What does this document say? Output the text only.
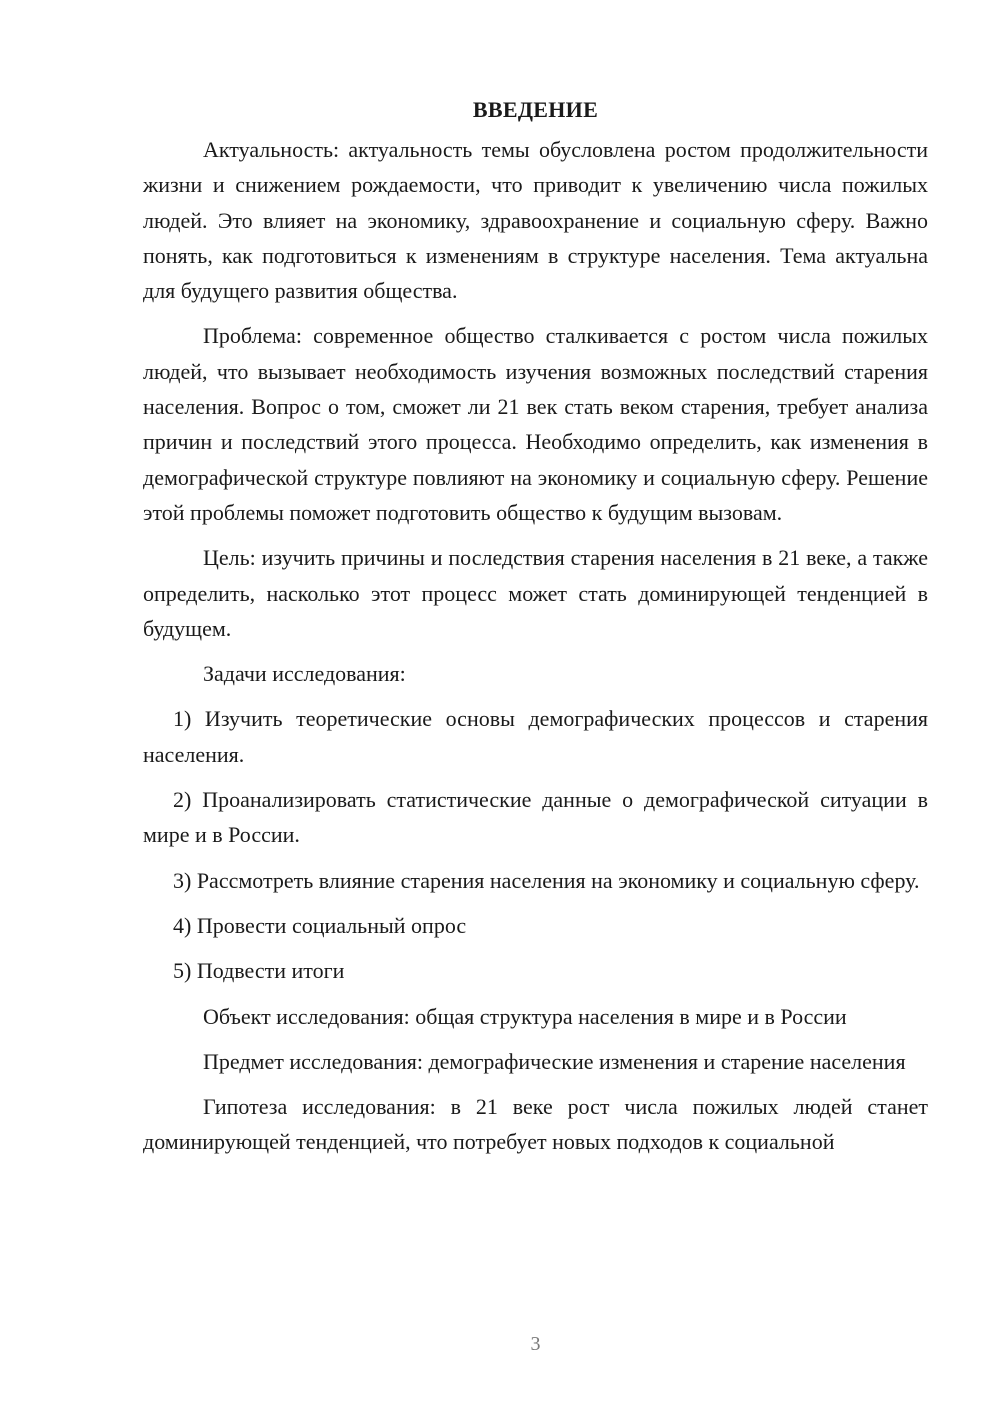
ВВЕДЕНИЕ

Актуальность: актуальность темы обусловлена ростом продолжительности жизни и снижением рождаемости, что приводит к увеличению числа пожилых людей. Это влияет на экономику, здравоохранение и социальную сферу. Важно понять, как подготовиться к изменениям в структуре населения. Тема актуальна для будущего развития общества.

Проблема: современное общество сталкивается с ростом числа пожилых людей, что вызывает необходимость изучения возможных последствий старения населения. Вопрос о том, сможет ли 21 век стать веком старения, требует анализа причин и последствий этого процесса. Необходимо определить, как изменения в демографической структуре повлияют на экономику и социальную сферу. Решение этой проблемы поможет подготовить общество к будущим вызовам.

Цель: изучить причины и последствия старения населения в 21 веке, а также определить, насколько этот процесс может стать доминирующей тенденцией в будущем.

Задачи исследования:

1) Изучить теоретические основы демографических процессов и старения населения.

2) Проанализировать статистические данные о демографической ситуации в мире и в России.

3) Рассмотреть влияние старения населения на экономику и социальную сферу.

4) Провести социальный опрос

5) Подвести итоги

Объект исследования: общая структура населения в мире и в России

Предмет исследования: демографические изменения и старение населения

Гипотеза исследования: в 21 веке рост числа пожилых людей станет доминирующей тенденцией, что потребует новых подходов к социальной

3
